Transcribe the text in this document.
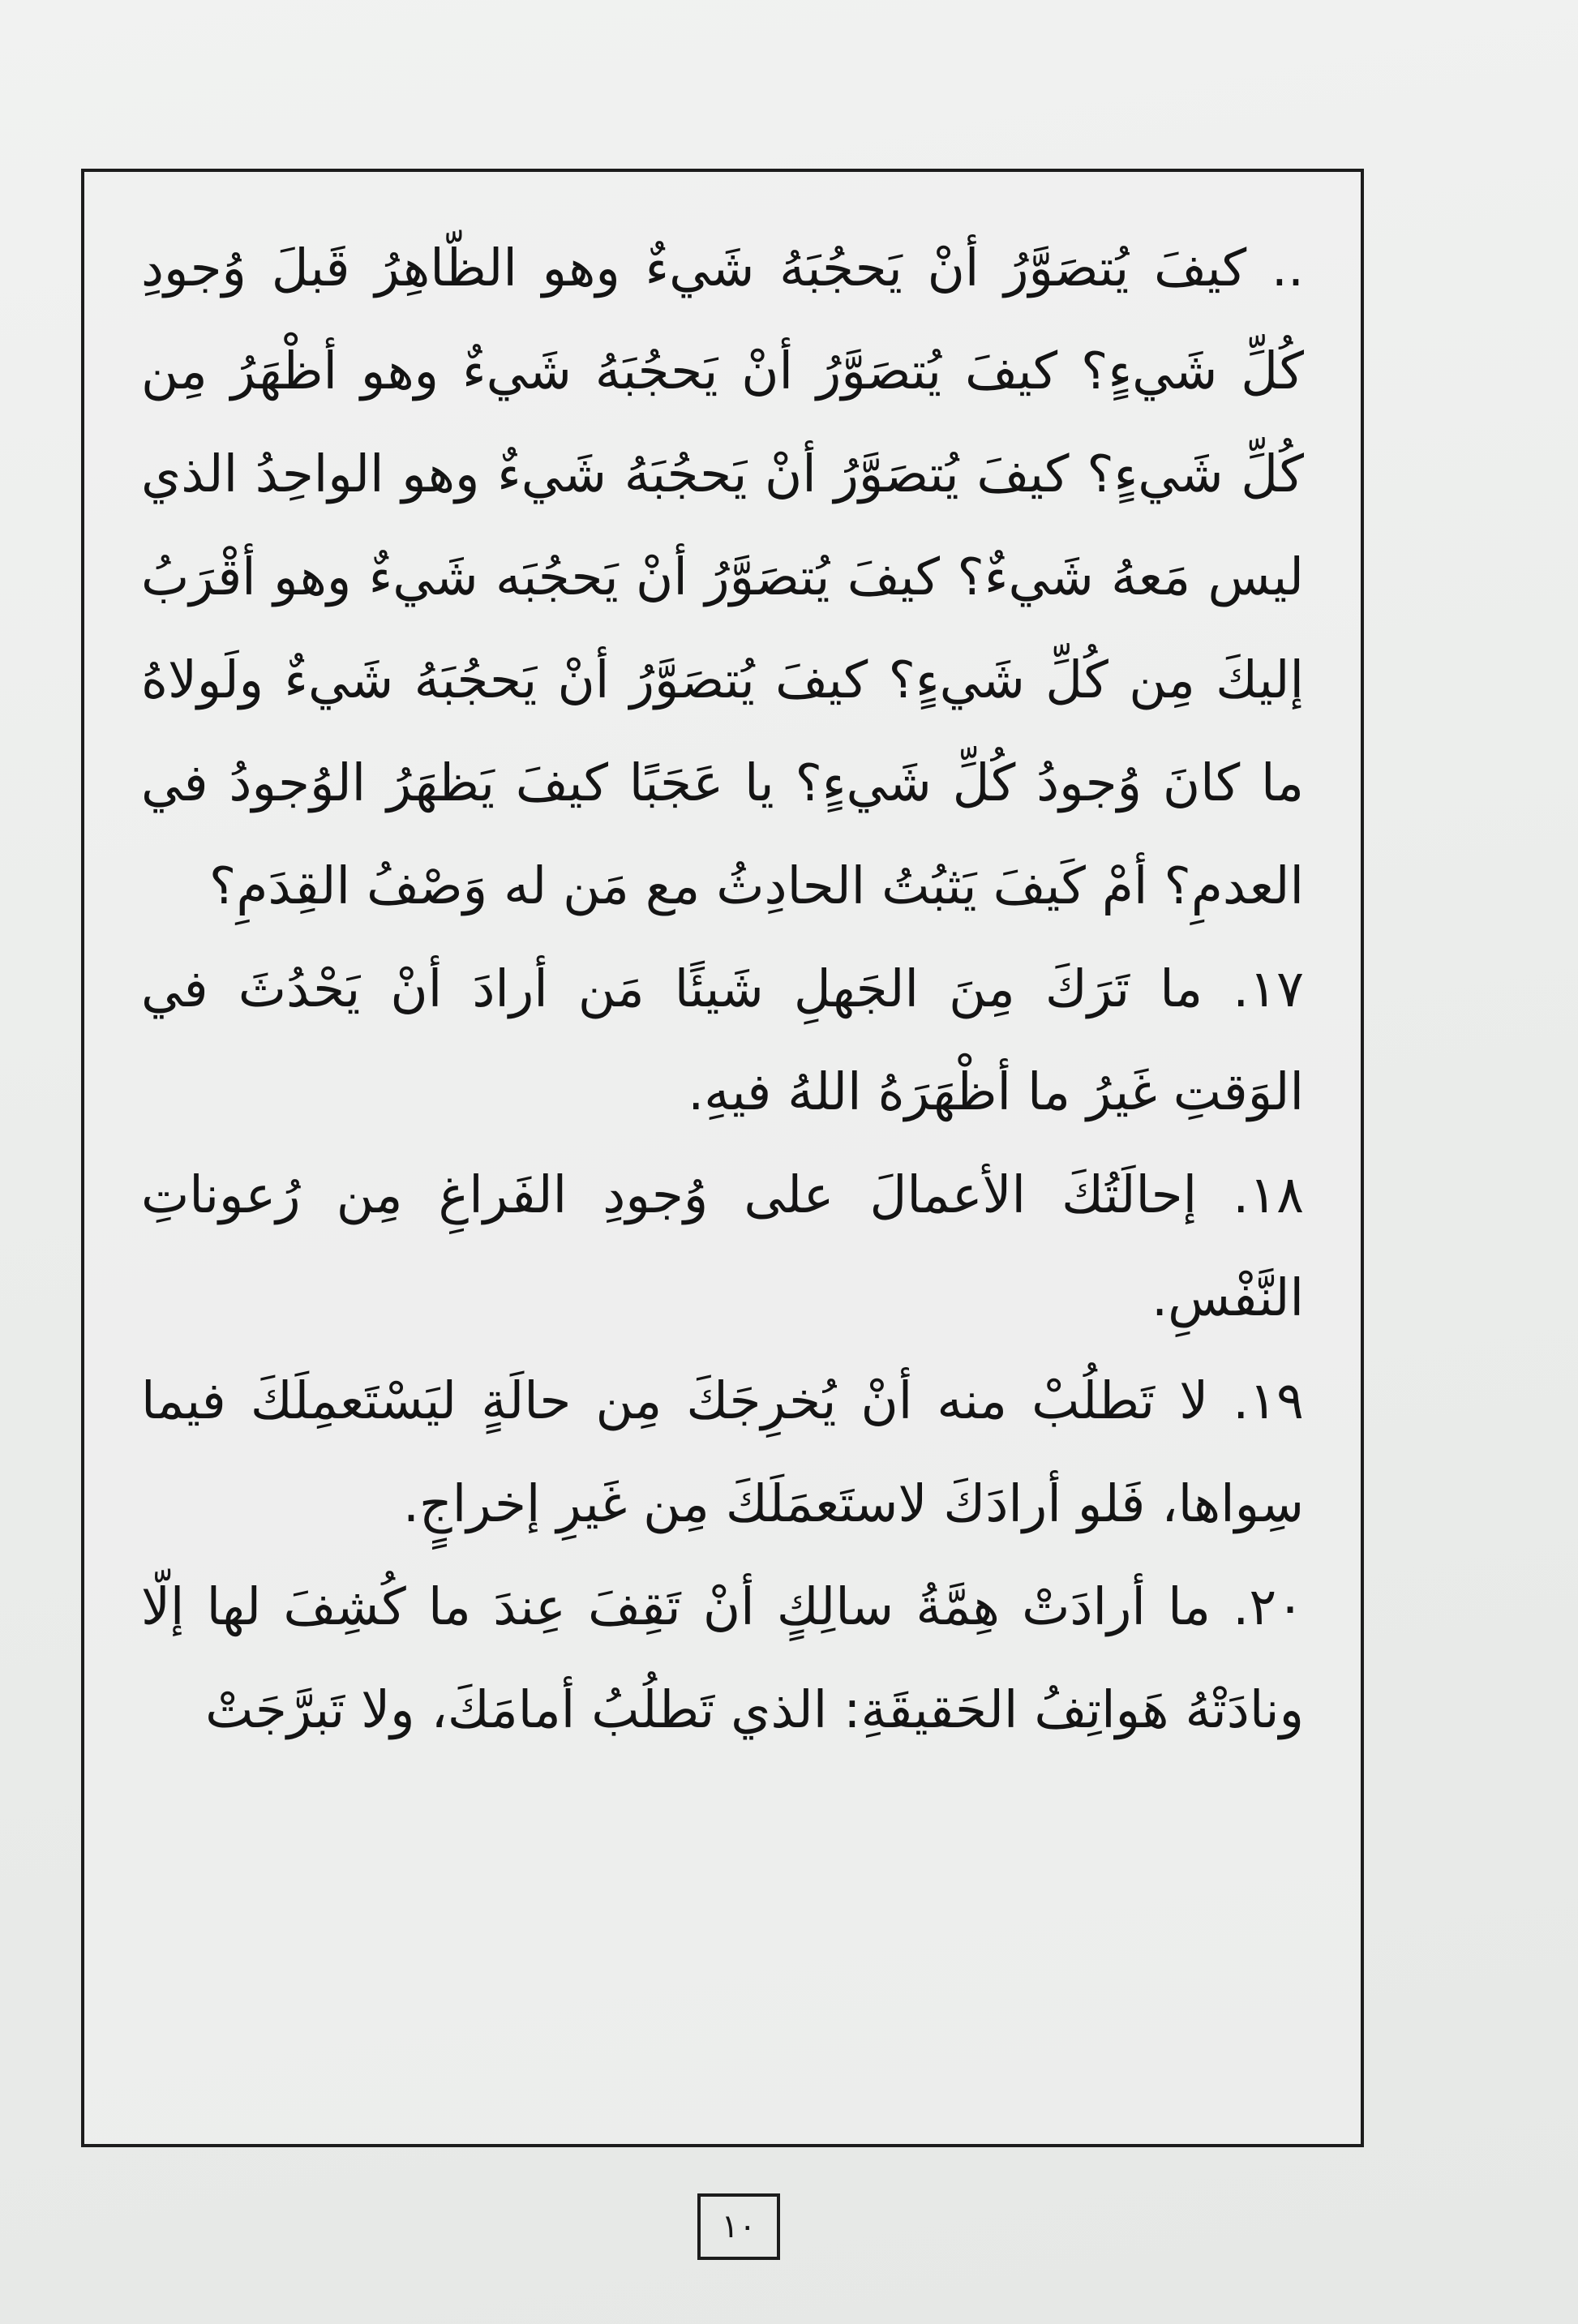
.. كيفَ يُتصَوَّرُ أنْ يَحجُبَهُ شَيءٌ وهو الظّاهِرُ قَبلَ وُجودِ كُلِّ شَيءٍ؟ كيفَ يُتصَوَّرُ أنْ يَحجُبَهُ شَيءٌ وهو أظْهَرُ مِن كُلِّ شَيءٍ؟ كيفَ يُتصَوَّرُ أنْ يَحجُبَهُ شَيءٌ وهو الواحِدُ الذي ليس مَعهُ شَيءٌ؟ كيفَ يُتصَوَّرُ أنْ يَحجُبَه شَيءٌ وهو أقْرَبُ إليكَ مِن كُلِّ شَيءٍ؟ كيفَ يُتصَوَّرُ أنْ يَحجُبَهُ شَيءٌ ولَولاهُ ما كانَ وُجودُ كُلِّ شَيءٍ؟ يا عَجَبًا كيفَ يَظهَرُ الوُجودُ في العدمِ؟ أمْ كَيفَ يَثبُتُ الحادِثُ مع مَن له وَصْفُ القِدَمِ؟

١٧. ما تَرَكَ مِنَ الجَهلِ شَيئًا مَن أرادَ أنْ يَحْدُثَ في الوَقتِ غَيرُ ما أظْهَرَهُ اللهُ فيهِ.

١٨. إحالَتُكَ الأعمالَ على وُجودِ الفَراغِ مِن رُعوناتِ النَّفْسِ.

١٩. لا تَطلُبْ منه أنْ يُخرِجَكَ مِن حالَةٍ ليَسْتَعمِلَكَ فيما سِواها، فَلو أرادَكَ لاستَعمَلَكَ مِن غَيرِ إخراجٍ.

٢٠. ما أرادَتْ هِمَّةُ سالِكٍ أنْ تَقِفَ عِندَ ما كُشِفَ لها إلّا ونادَتْهُ هَواتِفُ الحَقيقَةِ: الذي تَطلُبُ أمامَكَ، ولا تَبرَّجَتْ

١٠
